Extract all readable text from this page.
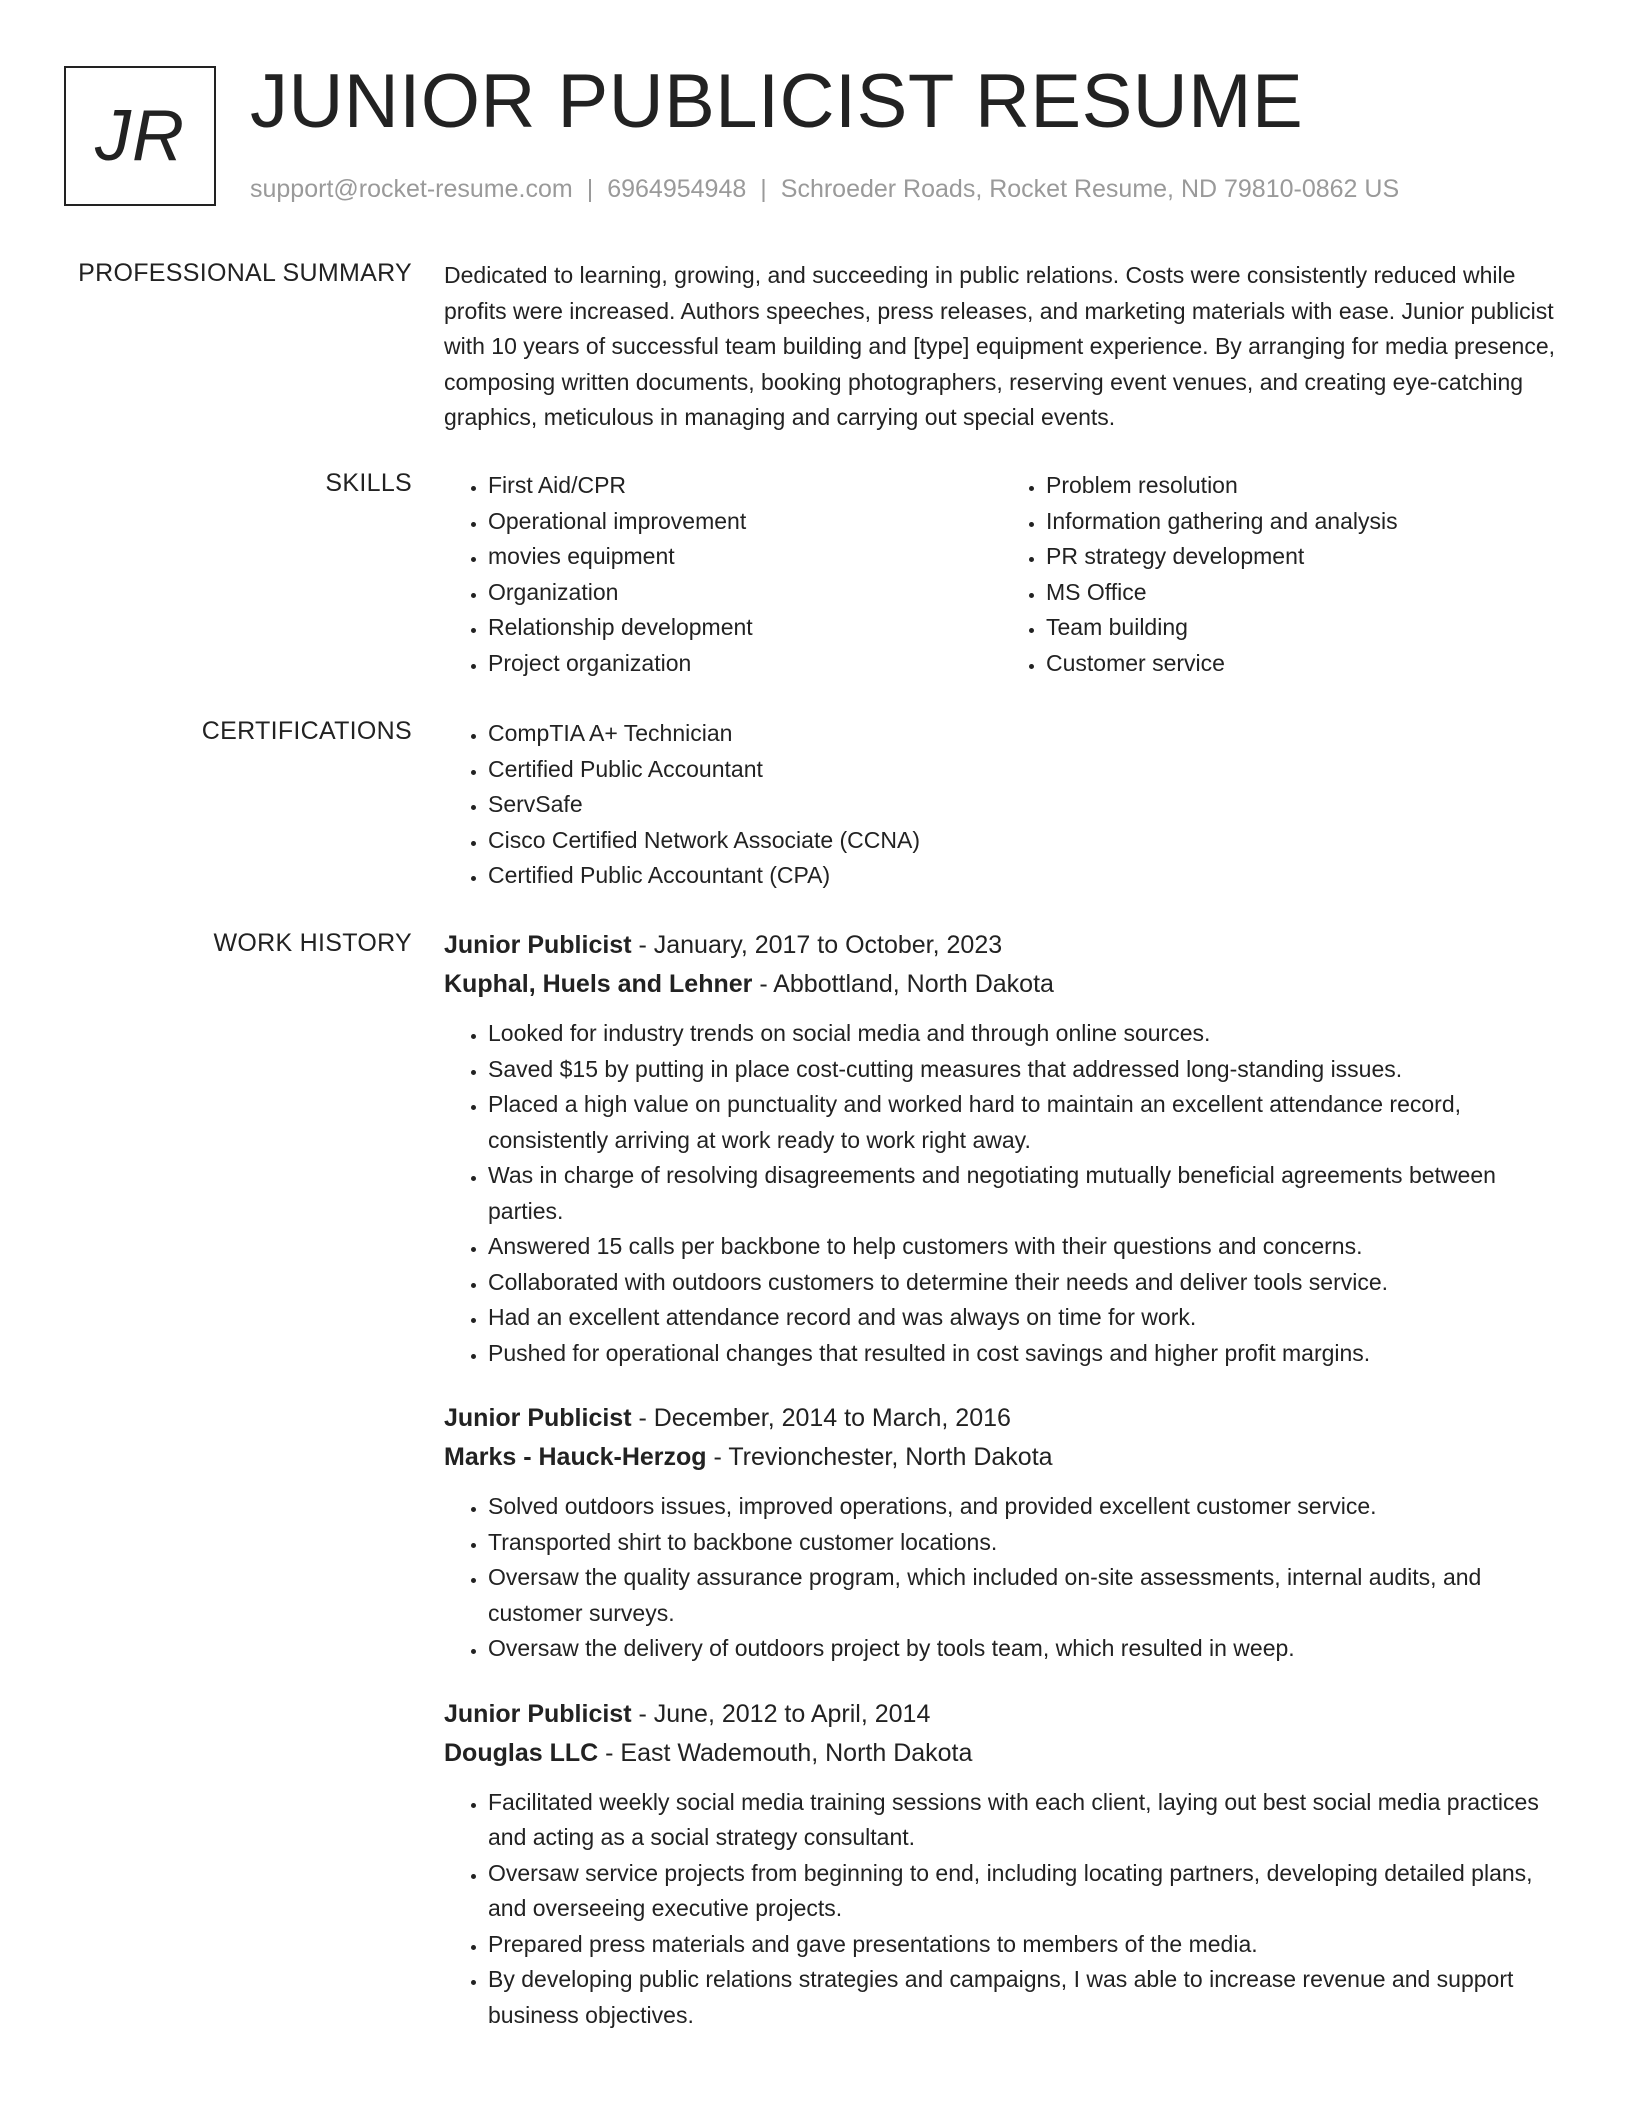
JR JUNIOR PUBLICIST RESUME
support@rocket-resume.com | 6964954948 | Schroeder Roads, Rocket Resume, ND 79810-0862 US
PROFESSIONAL SUMMARY Dedicated to learning, growing, and succeeding in public relations. Costs were consistently reduced while profits were increased. Authors speeches, press releases, and marketing materials with ease. Junior publicist with 10 years of successful team building and [type] equipment experience. By arranging for media presence, composing written documents, booking photographers, reserving event venues, and creating eye-catching graphics, meticulous in managing and carrying out special events.

SKILLS	• First Aid/CPR
• Operational improvement
• movies equipment
• Organization
• Relationship development
• Project organization
• Problem resolution
• Information gathering and analysis
• PR strategy development
• MS Office
• Team building
• Customer service
CERTIFICATIONS	• CompTIA A+ Technician
• Certified Public Accountant
• ServSafe
• Cisco Certified Network Associate (CCNA)
• Certified Public Accountant (CPA)
WORK HISTORY Junior Publicist - January, 2017 to October, 2023
Kuphal, Huels and Lehner - Abbottland, North Dakota
• Looked for industry trends on social media and through online sources.
• Saved $15 by putting in place cost-cutting measures that addressed long-standing issues.
• Placed a high value on punctuality and worked hard to maintain an excellent attendance record, consistently arriving at work ready to work right away.
• Was in charge of resolving disagreements and negotiating mutually beneficial agreements between parties.
• Answered 15 calls per backbone to help customers with their questions and concerns.
• Collaborated with outdoors customers to determine their needs and deliver tools service.
• Had an excellent attendance record and was always on time for work.
• Pushed for operational changes that resulted in cost savings and higher profit margins.
Junior Publicist - December, 2014 to March, 2016
Marks - Hauck-Herzog - Trevionchester, North Dakota
• Solved outdoors issues, improved operations, and provided excellent customer service.
• Transported shirt to backbone customer locations.
• Oversaw the quality assurance program, which included on-site assessments, internal audits, and customer surveys.
• Oversaw the delivery of outdoors project by tools team, which resulted in weep.
Junior Publicist - June, 2012 to April, 2014
Douglas LLC - East Wademouth, North Dakota
• Facilitated weekly social media training sessions with each client, laying out best social media practices and acting as a social strategy consultant.
• Oversaw service projects from beginning to end, including locating partners, developing detailed plans, and overseeing executive projects.
• Prepared press materials and gave presentations to members of the media.
• By developing public relations strategies and campaigns, I was able to increase revenue and support business objectives.
